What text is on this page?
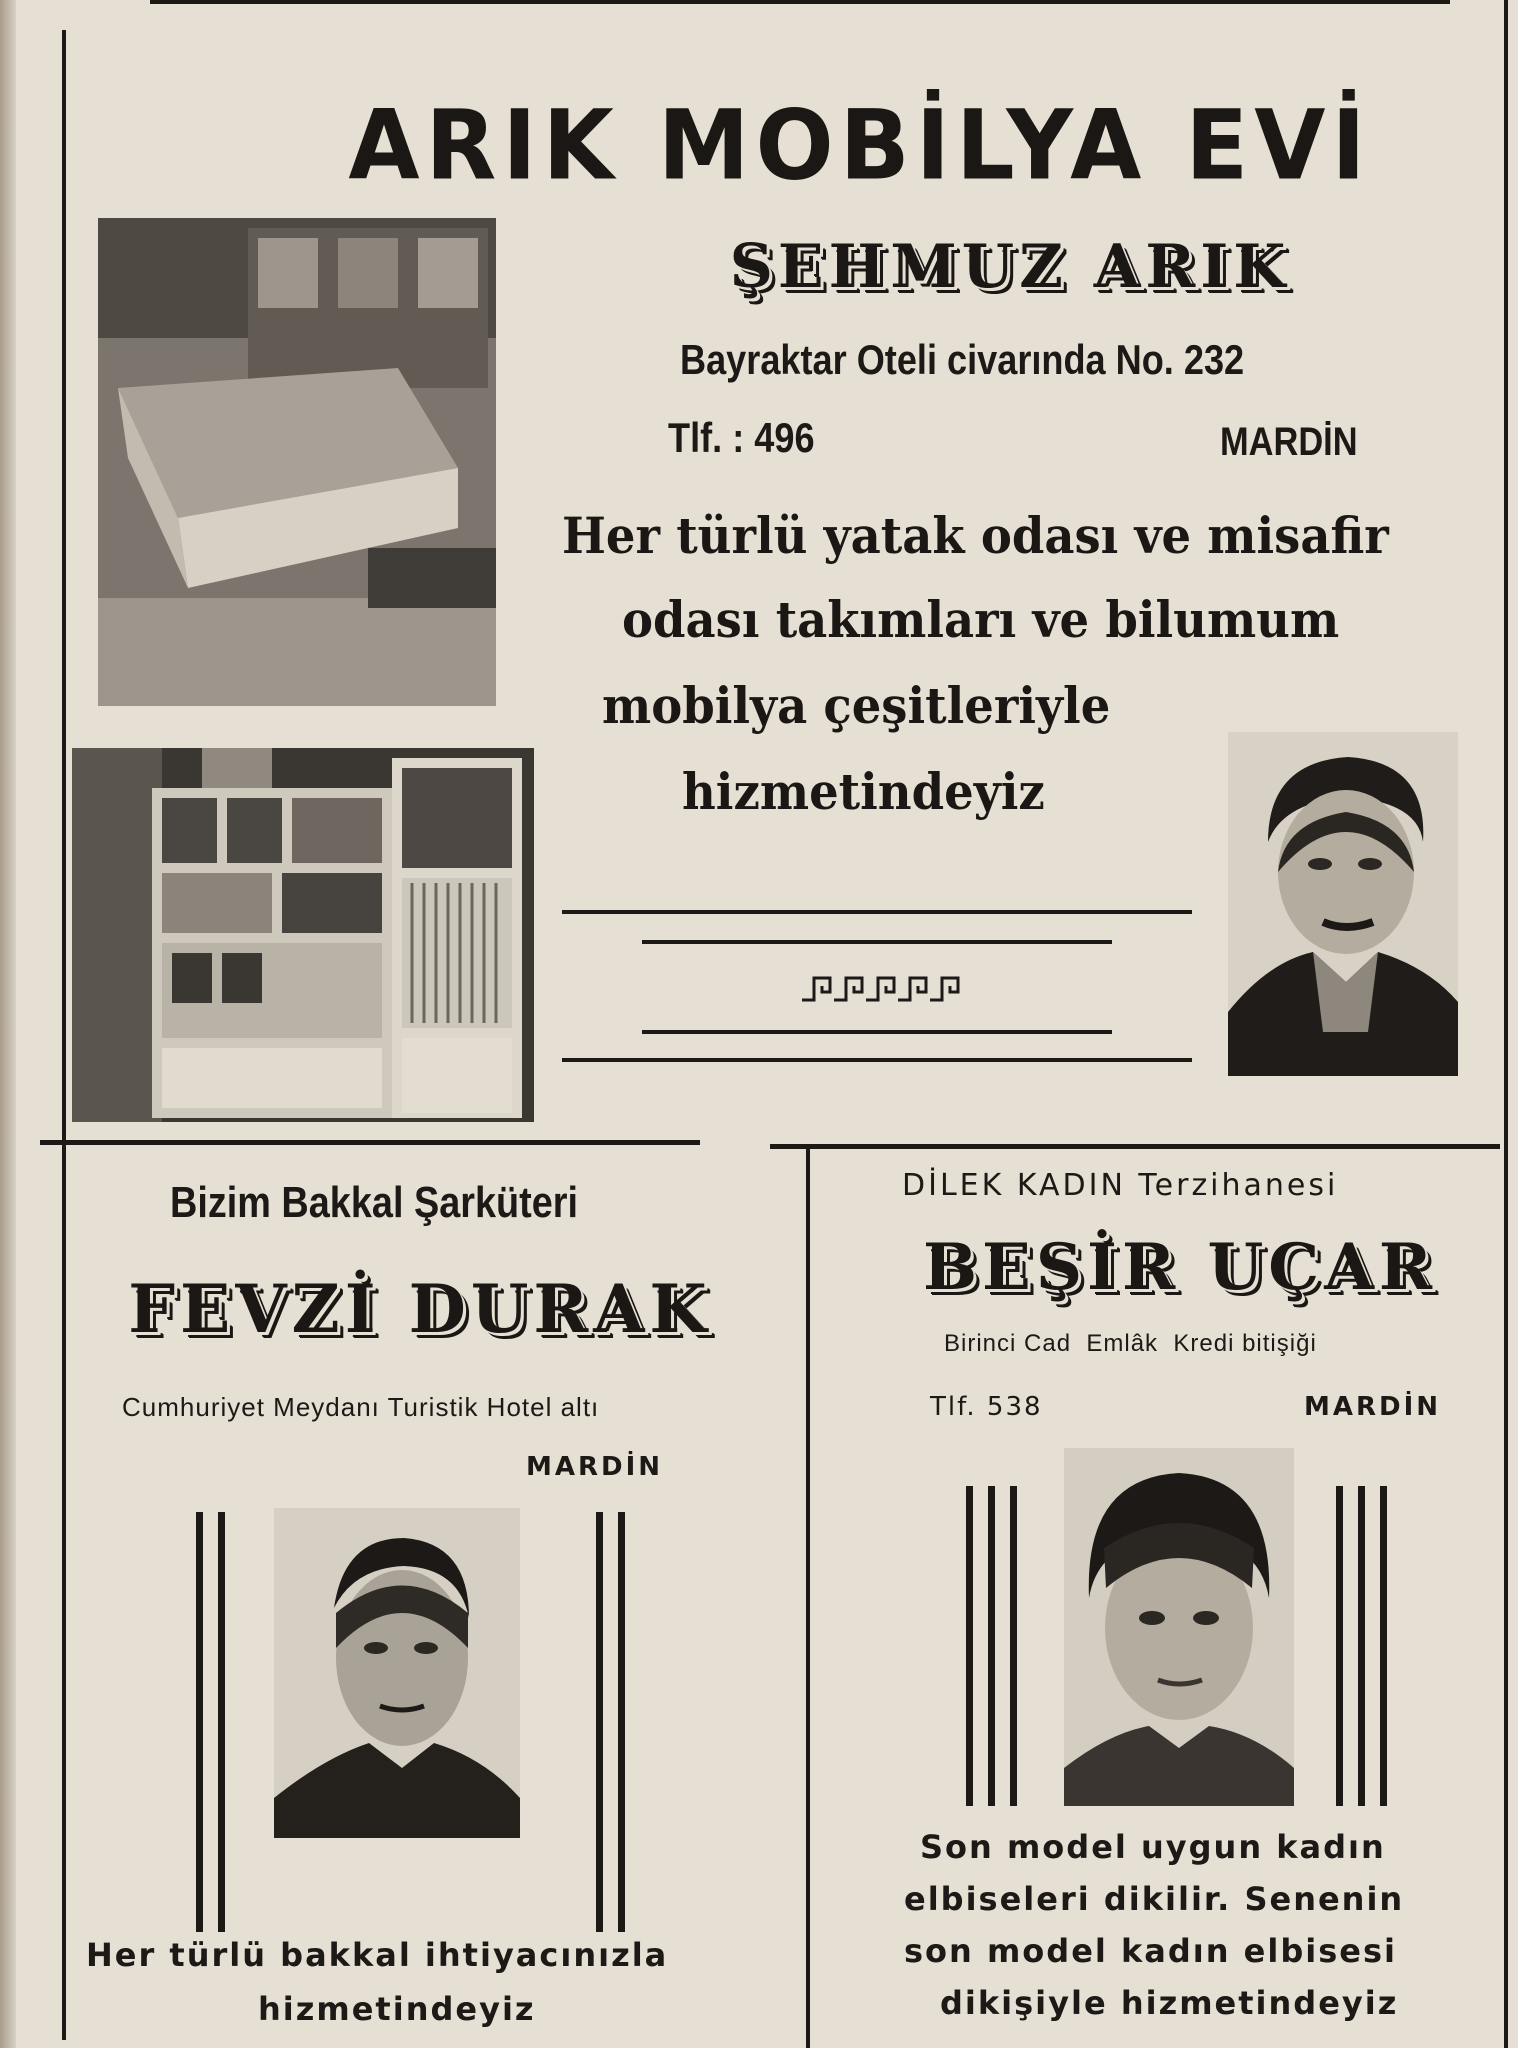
ARIK MOBİLYA EVİ
ŞEHMUZ ARIK
Bayraktar Oteli civarında No. 232
Tlf. : 496	MARDİN
Her türlü yatak odası ve misafir
odası takımları ve bilumum
mobilya çeşitleriyle
hizmetindeyiz
Bizim Bakkal Şarküteri
FEVZİ DURAK
Cumhuriyet Meydanı Turistik Hotel altı
MARDİN
Her türlü bakkal ihtiyacınızla
hizmetindeyiz
DİLEK KADIN Terzihanesi
BEŞİR UÇAR
Birinci Cad  Emlâk  Kredi bitişiği
Tlf. 538	MARDİN
Son model uygun kadın
elbiseleri dikilir. Senenin
son model kadın elbisesi
dikişiyle hizmetindeyiz
